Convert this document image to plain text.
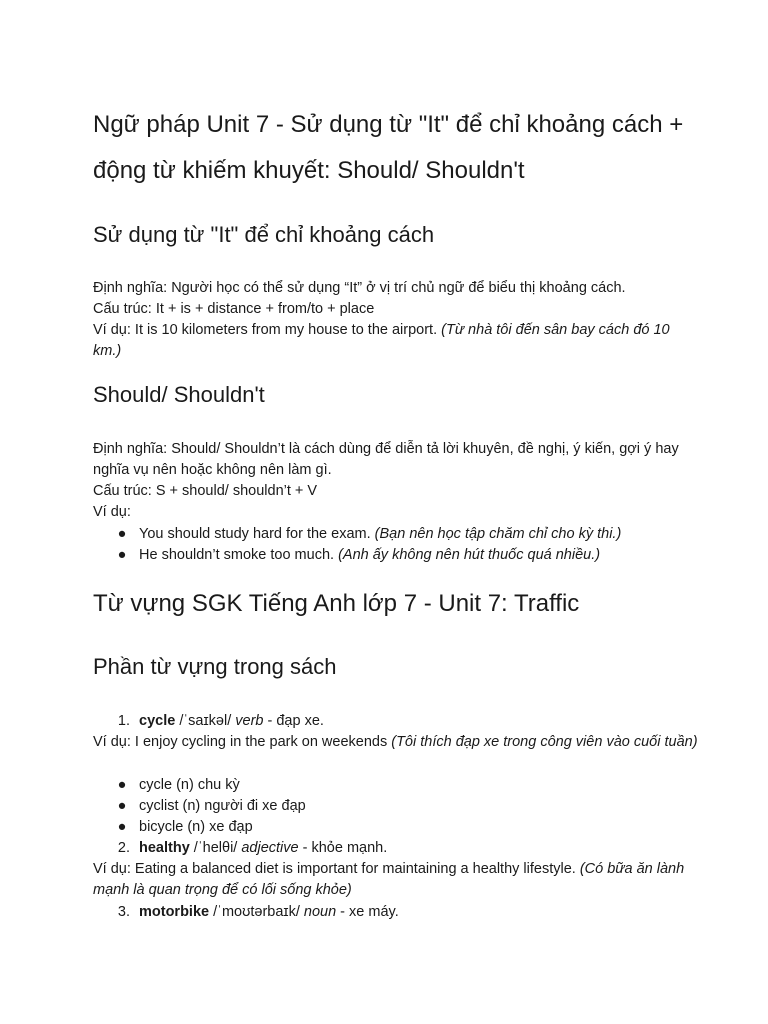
Ngữ pháp Unit 7 - Sử dụng từ "It" để chỉ khoảng cách + động từ khiếm khuyết: Should/ Shouldn't
Sử dụng từ "It" để chỉ khoảng cách

Định nghĩa: Người học có thể sử dụng “It” ở vị trí chủ ngữ để biểu thị khoảng cách.

Cấu trúc: It + is + distance + from/to + place

Ví dụ: It is 10 kilometers from my house to the airport. (Từ nhà tôi đến sân bay cách đó 10 km.)

Should/ Shouldn't

Định nghĩa: Should/ Shouldn’t là cách dùng để diễn tả lời khuyên, đề nghị, ý kiến, gợi ý hay nghĩa vụ nên hoặc không nên làm gì.

Cấu trúc: S + should/ shouldn’t + V

Ví dụ:

● You should study hard for the exam. (Bạn nên học tập chăm chỉ cho kỳ thi.)
● He shouldn’t smoke too much. (Anh ấy không nên hút thuốc quá nhiều.)
Từ vựng SGK Tiếng Anh lớp 7 - Unit 7: Traffic
Phần từ vựng trong sách
1. cycle /ˈsaɪkəl/ verb - đạp xe.

Ví dụ: I enjoy cycling in the park on weekends (Tôi thích đạp xe trong công viên vào cuối tuần)

● cycle (n) chu kỳ
● cyclist (n) người đi xe đạp
● bicycle (n) xe đạp
2. healthy /ˈhelθi/ adjective - khỏe mạnh.

Ví dụ: Eating a balanced diet is important for maintaining a healthy lifestyle. (Có bữa ăn lành mạnh là quan trọng để có lối sống khỏe)

3. motorbike /ˈmoʊtərbaɪk/ noun - xe máy.
